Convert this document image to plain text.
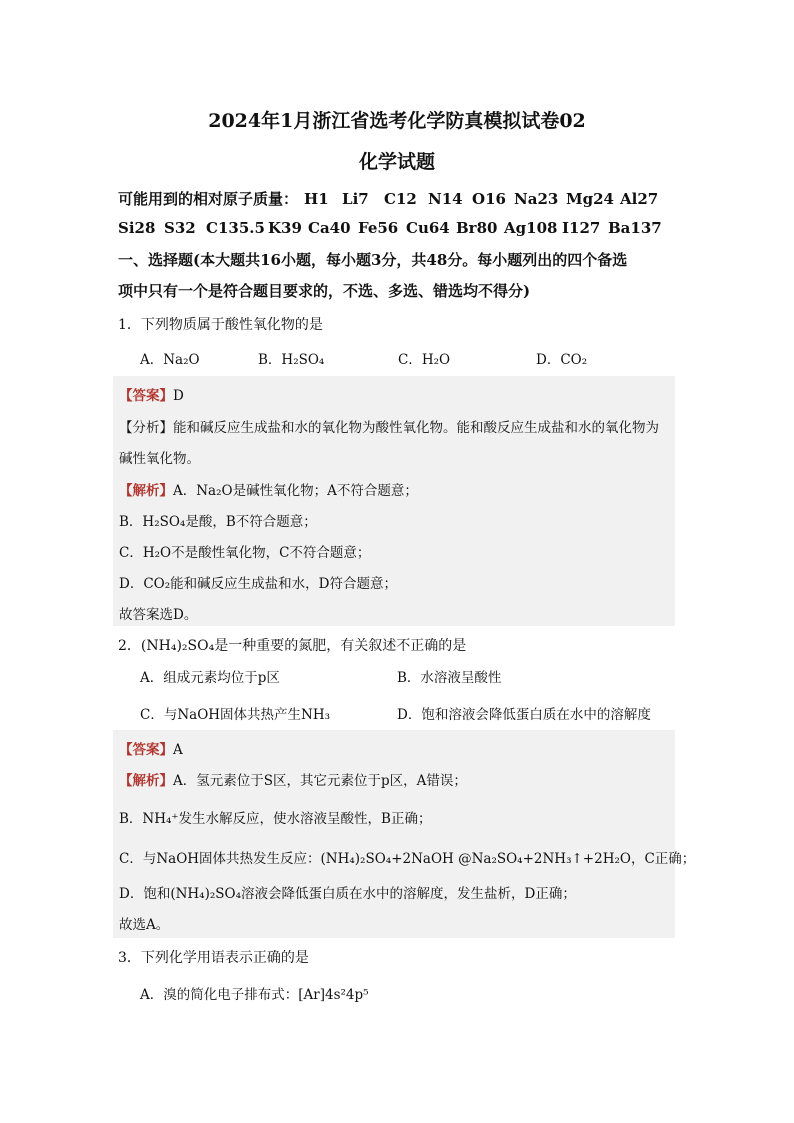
2024年1月浙江省选考化学防真模拟试卷02
化学试题
可能用到的相对原子质量： H1 Li7 C12 N14 O16 Na23 Mg24 Al27
Si28 S32 C135.5 K39 Ca40 Fe56 Cu64 Br80 Ag108 I127 Ba137
一、选择题(本大题共16小题，每小题3分，共48分。每小题列出的四个备选
项中只有一个是符合题目要求的，不选、多选、错选均不得分)
1．下列物质属于酸性氧化物的是
A．Na₂O	B．H₂SO₄	C．H₂O	D．CO₂
【答案】D
【分析】能和碱反应生成盐和水的氧化物为酸性氧化物。能和酸反应生成盐和水的氧化物为
碱性氧化物。
【解析】A．Na₂O是碱性氧化物；A不符合题意；
B．H₂SO₄是酸，B不符合题意；
C．H₂O不是酸性氧化物，C不符合题意；
D．CO₂能和碱反应生成盐和水，D符合题意；
故答案选D。
2．(NH₄)₂SO₄是一种重要的氮肥，有关叙述不正确的是
A．组成元素均位于p区	B．水溶液呈酸性
C．与NaOH固体共热产生NH₃	D．饱和溶液会降低蛋白质在水中的溶解度
【答案】A
【解析】A．氢元素位于S区，其它元素位于p区，A错误；
B．NH₄⁺发生水解反应，使水溶液呈酸性，B正确；
C．与NaOH固体共热发生反应：(NH₄)₂SO₄+2NaOH @Na₂SO₄+2NH₃↑+2H₂O，C正确；
D．饱和(NH₄)₂SO₄溶液会降低蛋白质在水中的溶解度，发生盐析，D正确；
故选A。
3．下列化学用语表示正确的是
A．溴的简化电子排布式：[Ar]4s²4p⁵
